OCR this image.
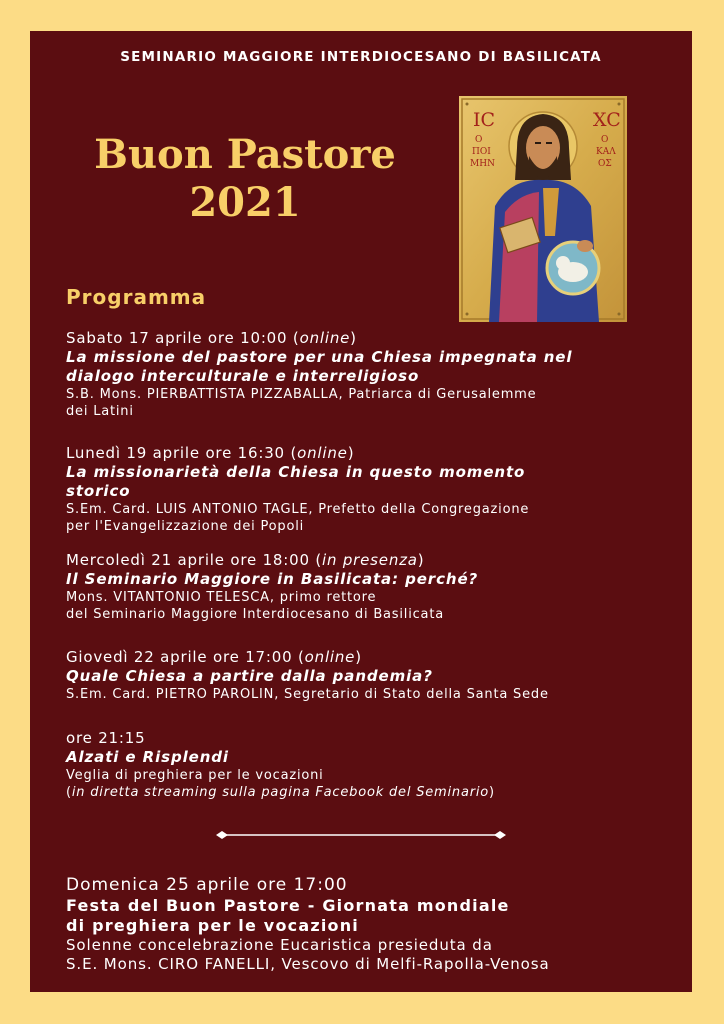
SEMINARIO MAGGIORE INTERDIOCESANO DI BASILICATA
Buon Pastore
2021
IC	XC
Ο
ΠΟΙ
ΜΗΝ
Ο
ΚΑΛ
ΟΣ
Programma
Sabato 17 aprile ore 10:00 (online)
La missione del pastore per una Chiesa impegnata nel
dialogo interculturale e interreligioso
S.B. Mons. PIERBATTISTA PIZZABALLA, Patriarca di Gerusalemme
dei Latini
Lunedì 19 aprile ore 16:30 (online)
La missionarietà della Chiesa in questo momento
storico
S.Em. Card. LUIS ANTONIO TAGLE, Prefetto della Congregazione
per l'Evangelizzazione dei Popoli
Mercoledì 21 aprile ore 18:00 (in presenza)
Il Seminario Maggiore in Basilicata: perché?
Mons. VITANTONIO TELESCA, primo rettore
del Seminario Maggiore Interdiocesano di Basilicata
Giovedì 22 aprile ore 17:00 (online)
Quale Chiesa a partire dalla pandemia?
S.Em. Card. PIETRO PAROLIN, Segretario di Stato della Santa Sede
ore 21:15
Alzati e Risplendi
Veglia di preghiera per le vocazioni
(in diretta streaming sulla pagina Facebook del Seminario)
Domenica 25 aprile ore 17:00
Festa del Buon Pastore - Giornata mondiale
di preghiera per le vocazioni
Solenne concelebrazione Eucaristica presieduta da
S.E. Mons. CIRO FANELLI, Vescovo di Melfi-Rapolla-Venosa
